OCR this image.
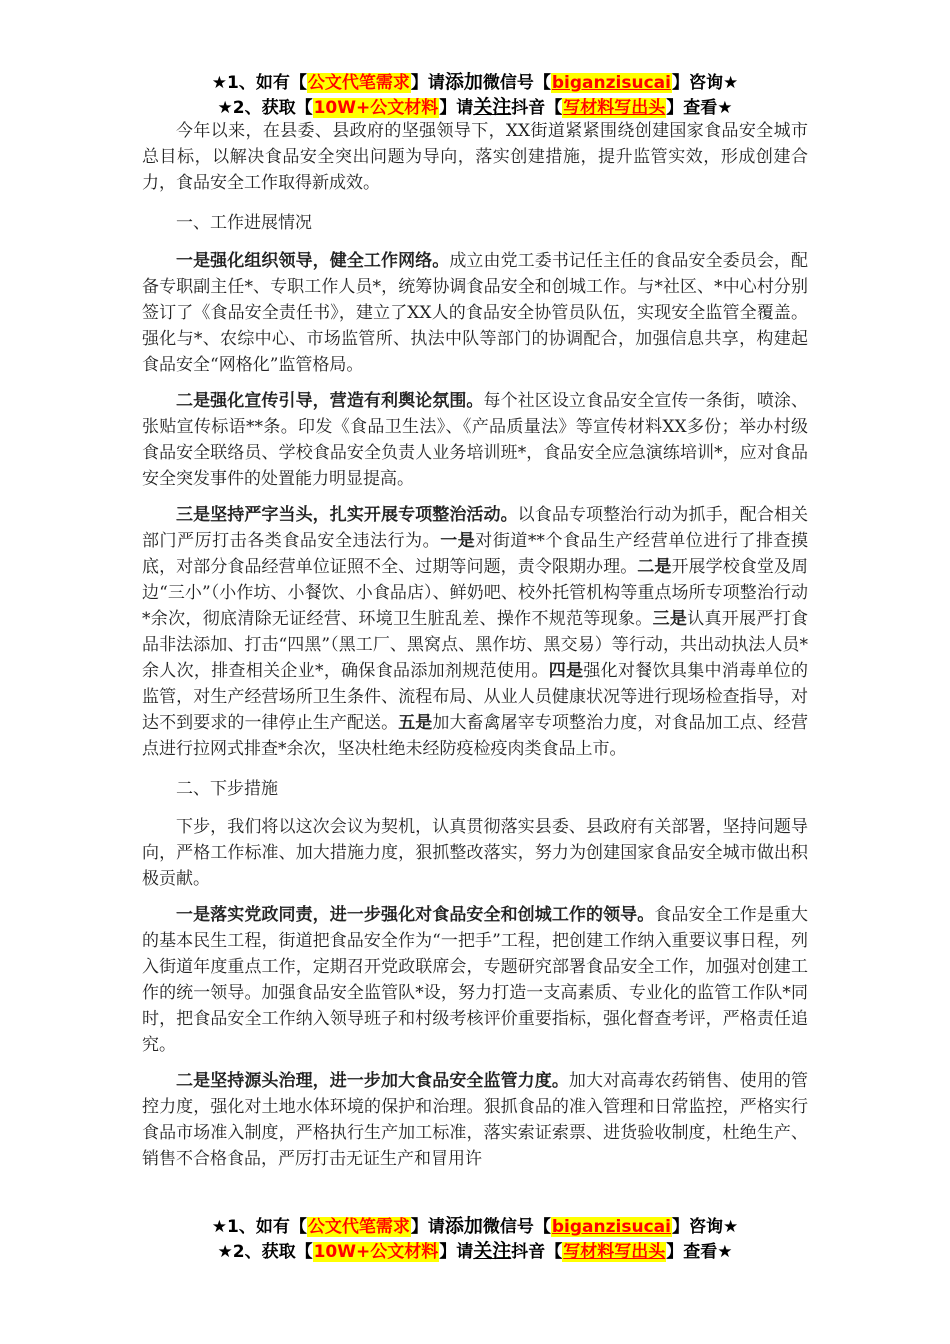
★1、如有【公文代笔需求】请添加微信号【biganzisucai】咨询★
★2、获取【10W+公文材料】请关注抖音【写材料写出头】查看★

今年以来，在县委、县政府的坚强领导下，XX街道紧紧围绕创建国家食品安全城市总目标，以解决食品安全突出问题为导向，落实创建措施，提升监管实效，形成创建合力，食品安全工作取得新成效。

一、工作进展情况

一是强化组织领导，健全工作网络。成立由党工委书记任主任的食品安全委员会，配备专职副主任*、专职工作人员*，统筹协调食品安全和创城工作。与*社区、*中心村分别签订了《食品安全责任书》，建立了XX人的食品安全协管员队伍，实现安全监管全覆盖。强化与*、农综中心、市场监管所、执法中队等部门的协调配合，加强信息共享，构建起食品安全“网格化”监管格局。

二是强化宣传引导，营造有利舆论氛围。每个社区设立食品安全宣传一条街，喷涂、张贴宣传标语**条。印发《食品卫生法》、《产品质量法》等宣传材料XX多份；举办村级食品安全联络员、学校食品安全负责人业务培训班*，食品安全应急演练培训*，应对食品安全突发事件的处置能力明显提高。

三是坚持严字当头，扎实开展专项整治活动。以食品专项整治行动为抓手，配合相关部门严厉打击各类食品安全违法行为。一是对街道**个食品生产经营单位进行了排查摸底，对部分食品经营单位证照不全、过期等问题，责令限期办理。二是开展学校食堂及周边“三小”（小作坊、小餐饮、小食品店）、鲜奶吧、校外托管机构等重点场所专项整治行动*余次，彻底清除无证经营、环境卫生脏乱差、操作不规范等现象。三是认真开展严打食品非法添加、打击“四黑”（黑工厂、黑窝点、黑作坊、黑交易）等行动，共出动执法人员*余人次，排查相关企业*，确保食品添加剂规范使用。四是强化对餐饮具集中消毒单位的监管，对生产经营场所卫生条件、流程布局、从业人员健康状况等进行现场检查指导，对达不到要求的一律停止生产配送。五是加大畜禽屠宰专项整治力度，对食品加工点、经营点进行拉网式排查*余次，坚决杜绝未经防疫检疫肉类食品上市。

二、下步措施

下步，我们将以这次会议为契机，认真贯彻落实县委、县政府有关部署，坚持问题导向，严格工作标准、加大措施力度，狠抓整改落实，努力为创建国家食品安全城市做出积极贡献。

一是落实党政同责，进一步强化对食品安全和创城工作的领导。食品安全工作是重大的基本民生工程，街道把食品安全作为“一把手”工程，把创建工作纳入重要议事日程，列入街道年度重点工作，定期召开党政联席会，专题研究部署食品安全工作，加强对创建工作的统一领导。加强食品安全监管队*设，努力打造一支高素质、专业化的监管工作队*同时，把食品安全工作纳入领导班子和村级考核评价重要指标，强化督查考评，严格责任追究。

二是坚持源头治理，进一步加大食品安全监管力度。加大对高毒农药销售、使用的管控力度，强化对土地水体环境的保护和治理。狠抓食品的准入管理和日常监控，严格实行食品市场准入制度，严格执行生产加工标准，落实索证索票、进货验收制度，杜绝生产、销售不合格食品，严厉打击无证生产和冒用许

★1、如有【公文代笔需求】请添加微信号【biganzisucai】咨询★
★2、获取【10W+公文材料】请关注抖音【写材料写出头】查看★
